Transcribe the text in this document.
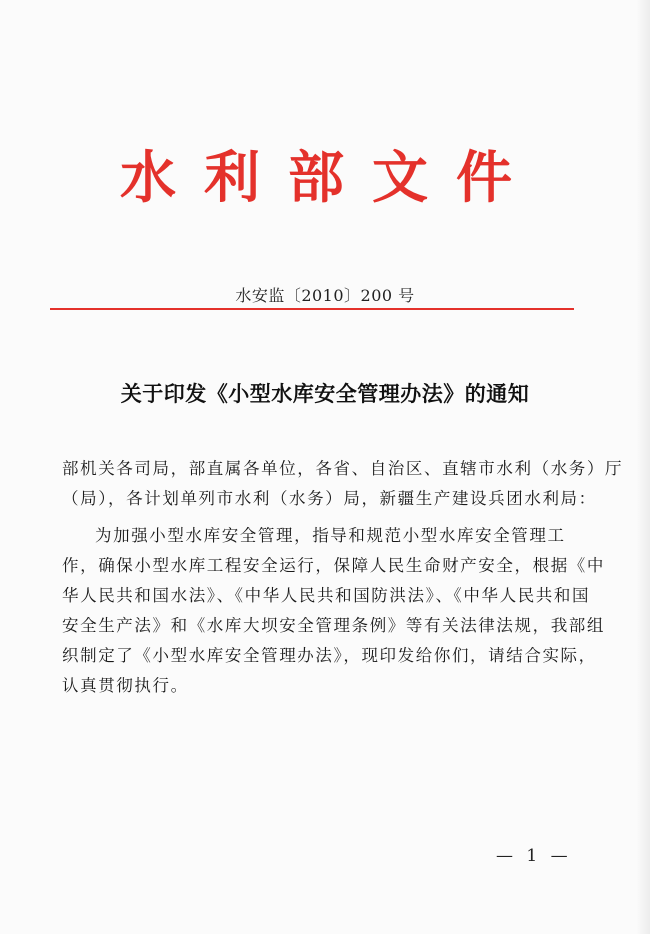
水利部文件
水安监〔2010〕200 号
关于印发《小型水库安全管理办法》的通知
部机关各司局，部直属各单位，各省、自治区、直辖市水利（水务）厅
（局），各计划单列市水利（水务）局，新疆生产建设兵团水利局：
为加强小型水库安全管理，指导和规范小型水库安全管理工
作，确保小型水库工程安全运行，保障人民生命财产安全，根据《中
华人民共和国水法》、《中华人民共和国防洪法》、《中华人民共和国
安全生产法》和《水库大坝安全管理条例》等有关法律法规，我部组
织制定了《小型水库安全管理办法》，现印发给你们，请结合实际，
认真贯彻执行。
— 1 —
